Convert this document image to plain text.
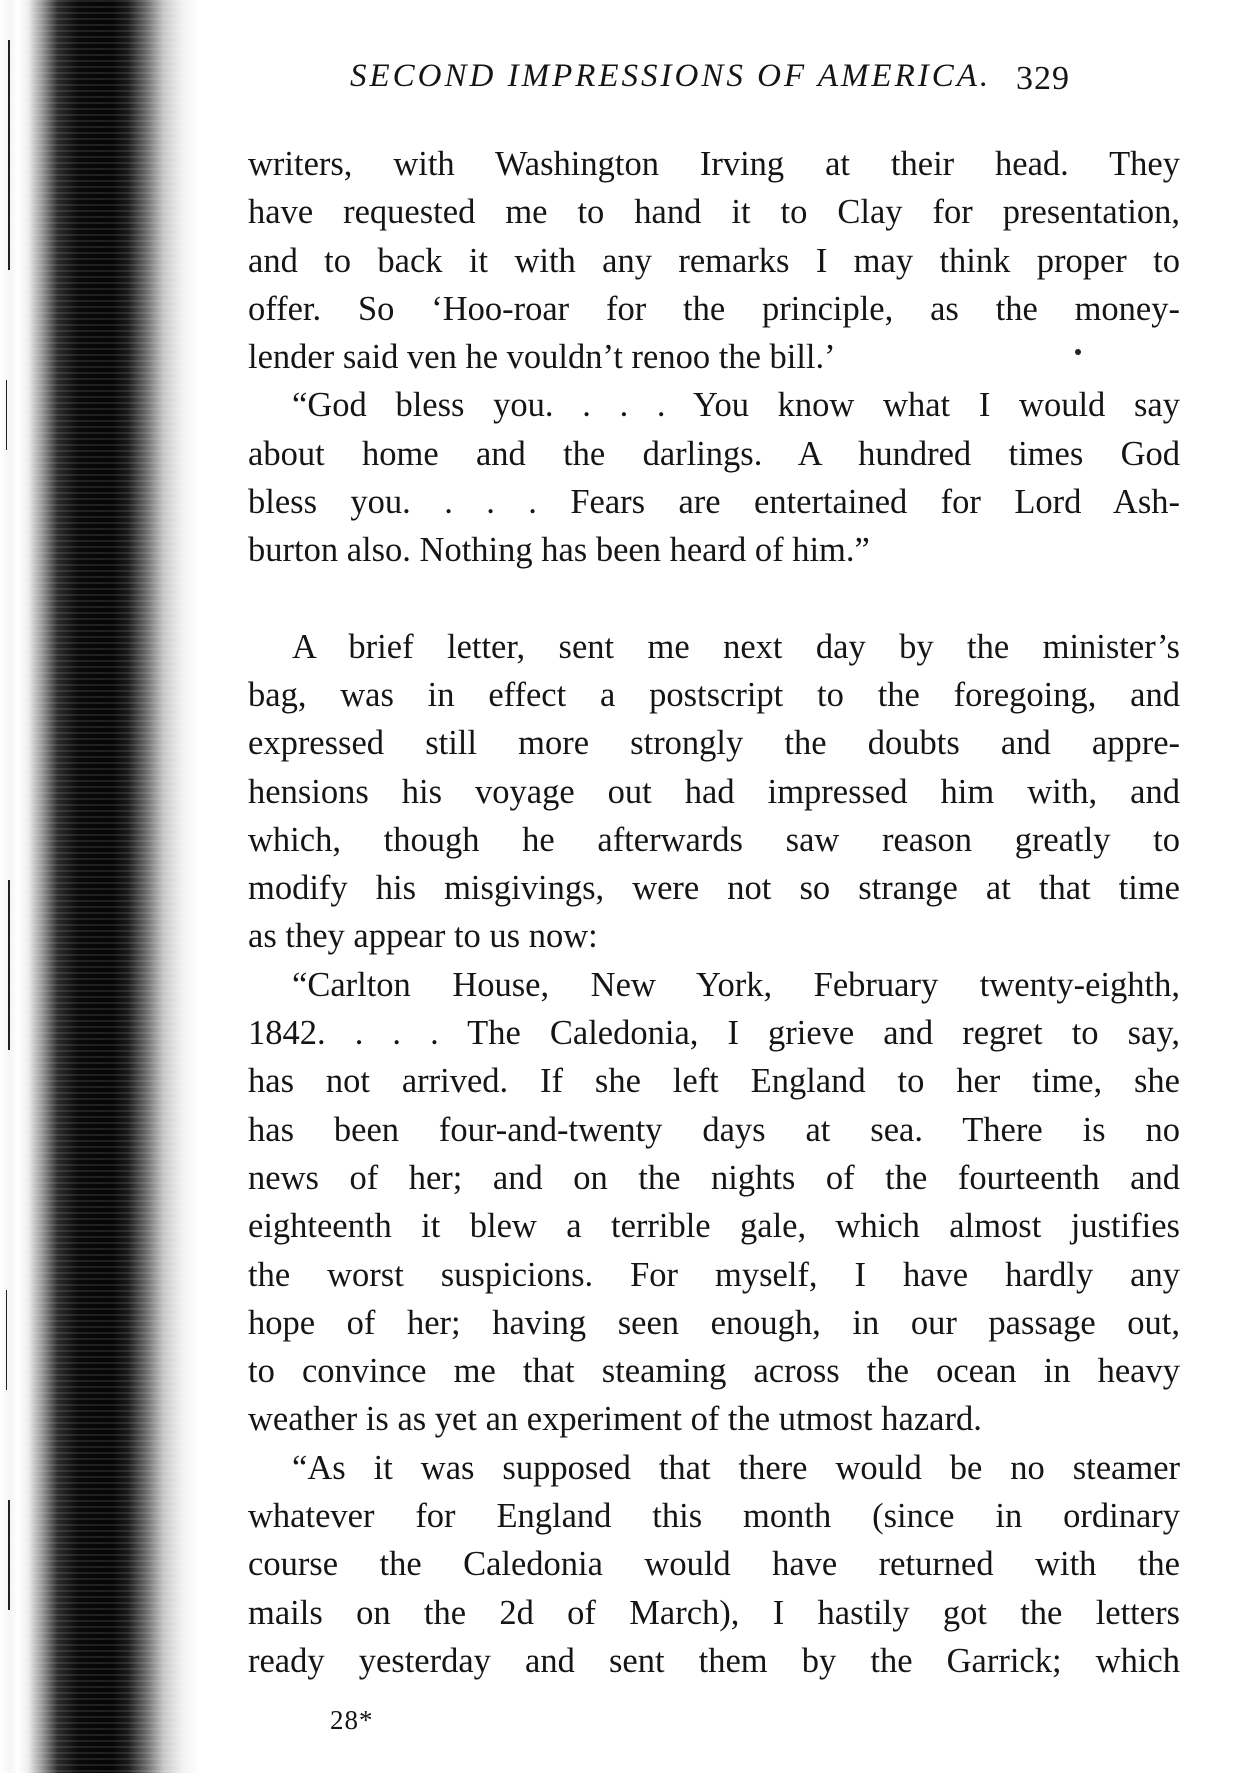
SECOND IMPRESSIONS OF AMERICA. 329
writers, with Washington Irving at their head. They
have requested me to hand it to Clay for presentation,
and to back it with any remarks I may think proper to
offer. So ‘Hoo-roar for the principle, as the money-
lender said ven he vouldn’t renoo the bill.’
“God bless you. . . . You know what I would say
about home and the darlings. A hundred times God
bless you. . . . Fears are entertained for Lord Ash-
burton also. Nothing has been heard of him.”
A brief letter, sent me next day by the minister’s
bag, was in effect a postscript to the foregoing, and
expressed still more strongly the doubts and appre-
hensions his voyage out had impressed him with, and
which, though he afterwards saw reason greatly to
modify his misgivings, were not so strange at that time
as they appear to us now:
“Carlton House, New York, February twenty-eighth,
1842. . . . The Caledonia, I grieve and regret to say,
has not arrived. If she left England to her time, she
has been four-and-twenty days at sea. There is no
news of her; and on the nights of the fourteenth and
eighteenth it blew a terrible gale, which almost justifies
the worst suspicions. For myself, I have hardly any
hope of her; having seen enough, in our passage out,
to convince me that steaming across the ocean in heavy
weather is as yet an experiment of the utmost hazard.
“As it was supposed that there would be no steamer
whatever for England this month (since in ordinary
course the Caledonia would have returned with the
mails on the 2d of March), I hastily got the letters
ready yesterday and sent them by the Garrick; which
28*
